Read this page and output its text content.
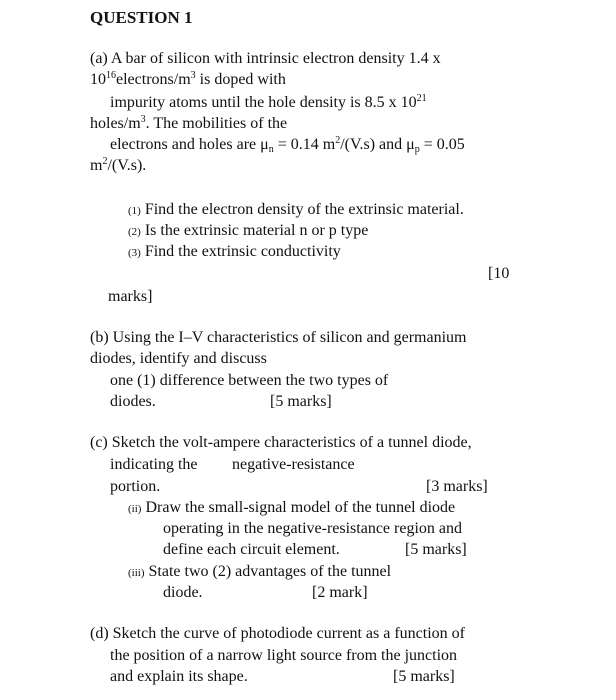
QUESTION 1
(a) A bar of silicon with intrinsic electron density 1.4 x
$10^{16}electrons/m^3$ is doped with
impurity atoms until the hole density is 8.5 x $10^{21}$
holes/$m^3$. The mobilities of the
electrons and holes are $\mu_n = 0.14$ $m^2/(V.s)$ and $\mu_p = 0.05$
$m^2/(V.s)$.
(1) Find the electron density of the extrinsic material.
(2) Is the extrinsic material n or p type
(3) Find the extrinsic conductivity
[10
marks]
(b) Using the I–V characteristics of silicon and germanium
diodes, identify and discuss
one (1) difference between the two types of
diodes.	[5 marks]
(c) Sketch the volt-ampere characteristics of a tunnel diode,
indicating the negative-resistance
portion.	[3 marks]
(ii) Draw the small-signal model of the tunnel diode
operating in the negative-resistance region and
define each circuit element.	[5 marks]
(iii) State two (2) advantages of the tunnel
diode.	[2 mark]
(d) Sketch the curve of photodiode current as a function of
the position of a narrow light source from the junction
and explain its shape.	[5 marks]
